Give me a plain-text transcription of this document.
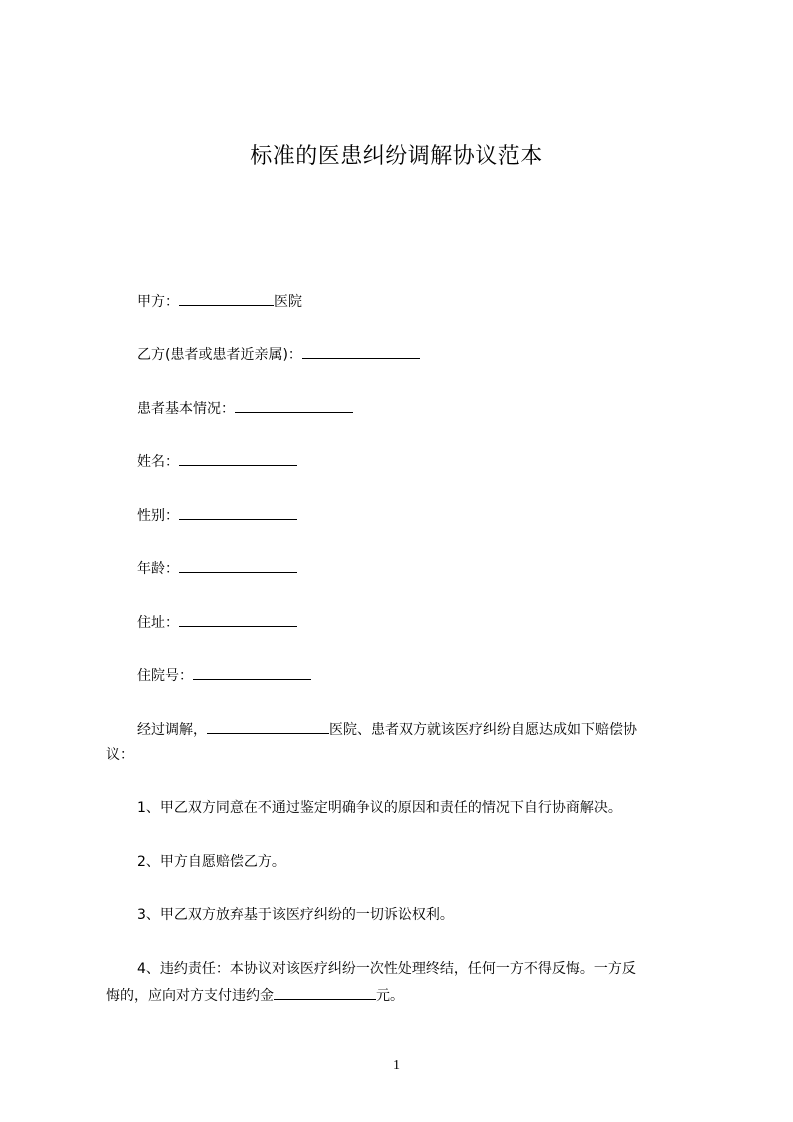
标准的医患纠纷调解协议范本
甲方：	医院
乙方(患者或患者近亲属)：
患者基本情况：
姓名：
性别：
年龄：
住址：
住院号：
经过调解，	医院、患者双方就该医疗纠纷自愿达成如下赔偿协
议：
1、甲乙双方同意在不通过鉴定明确争议的原因和责任的情况下自行协商解决。
2、甲方自愿赔偿乙方。
3、甲乙双方放弃基于该医疗纠纷的一切诉讼权利。
4、违约责任：本协议对该医疗纠纷一次性处理终结，任何一方不得反悔。一方反
悔的，应向对方支付违约金	元。
1
